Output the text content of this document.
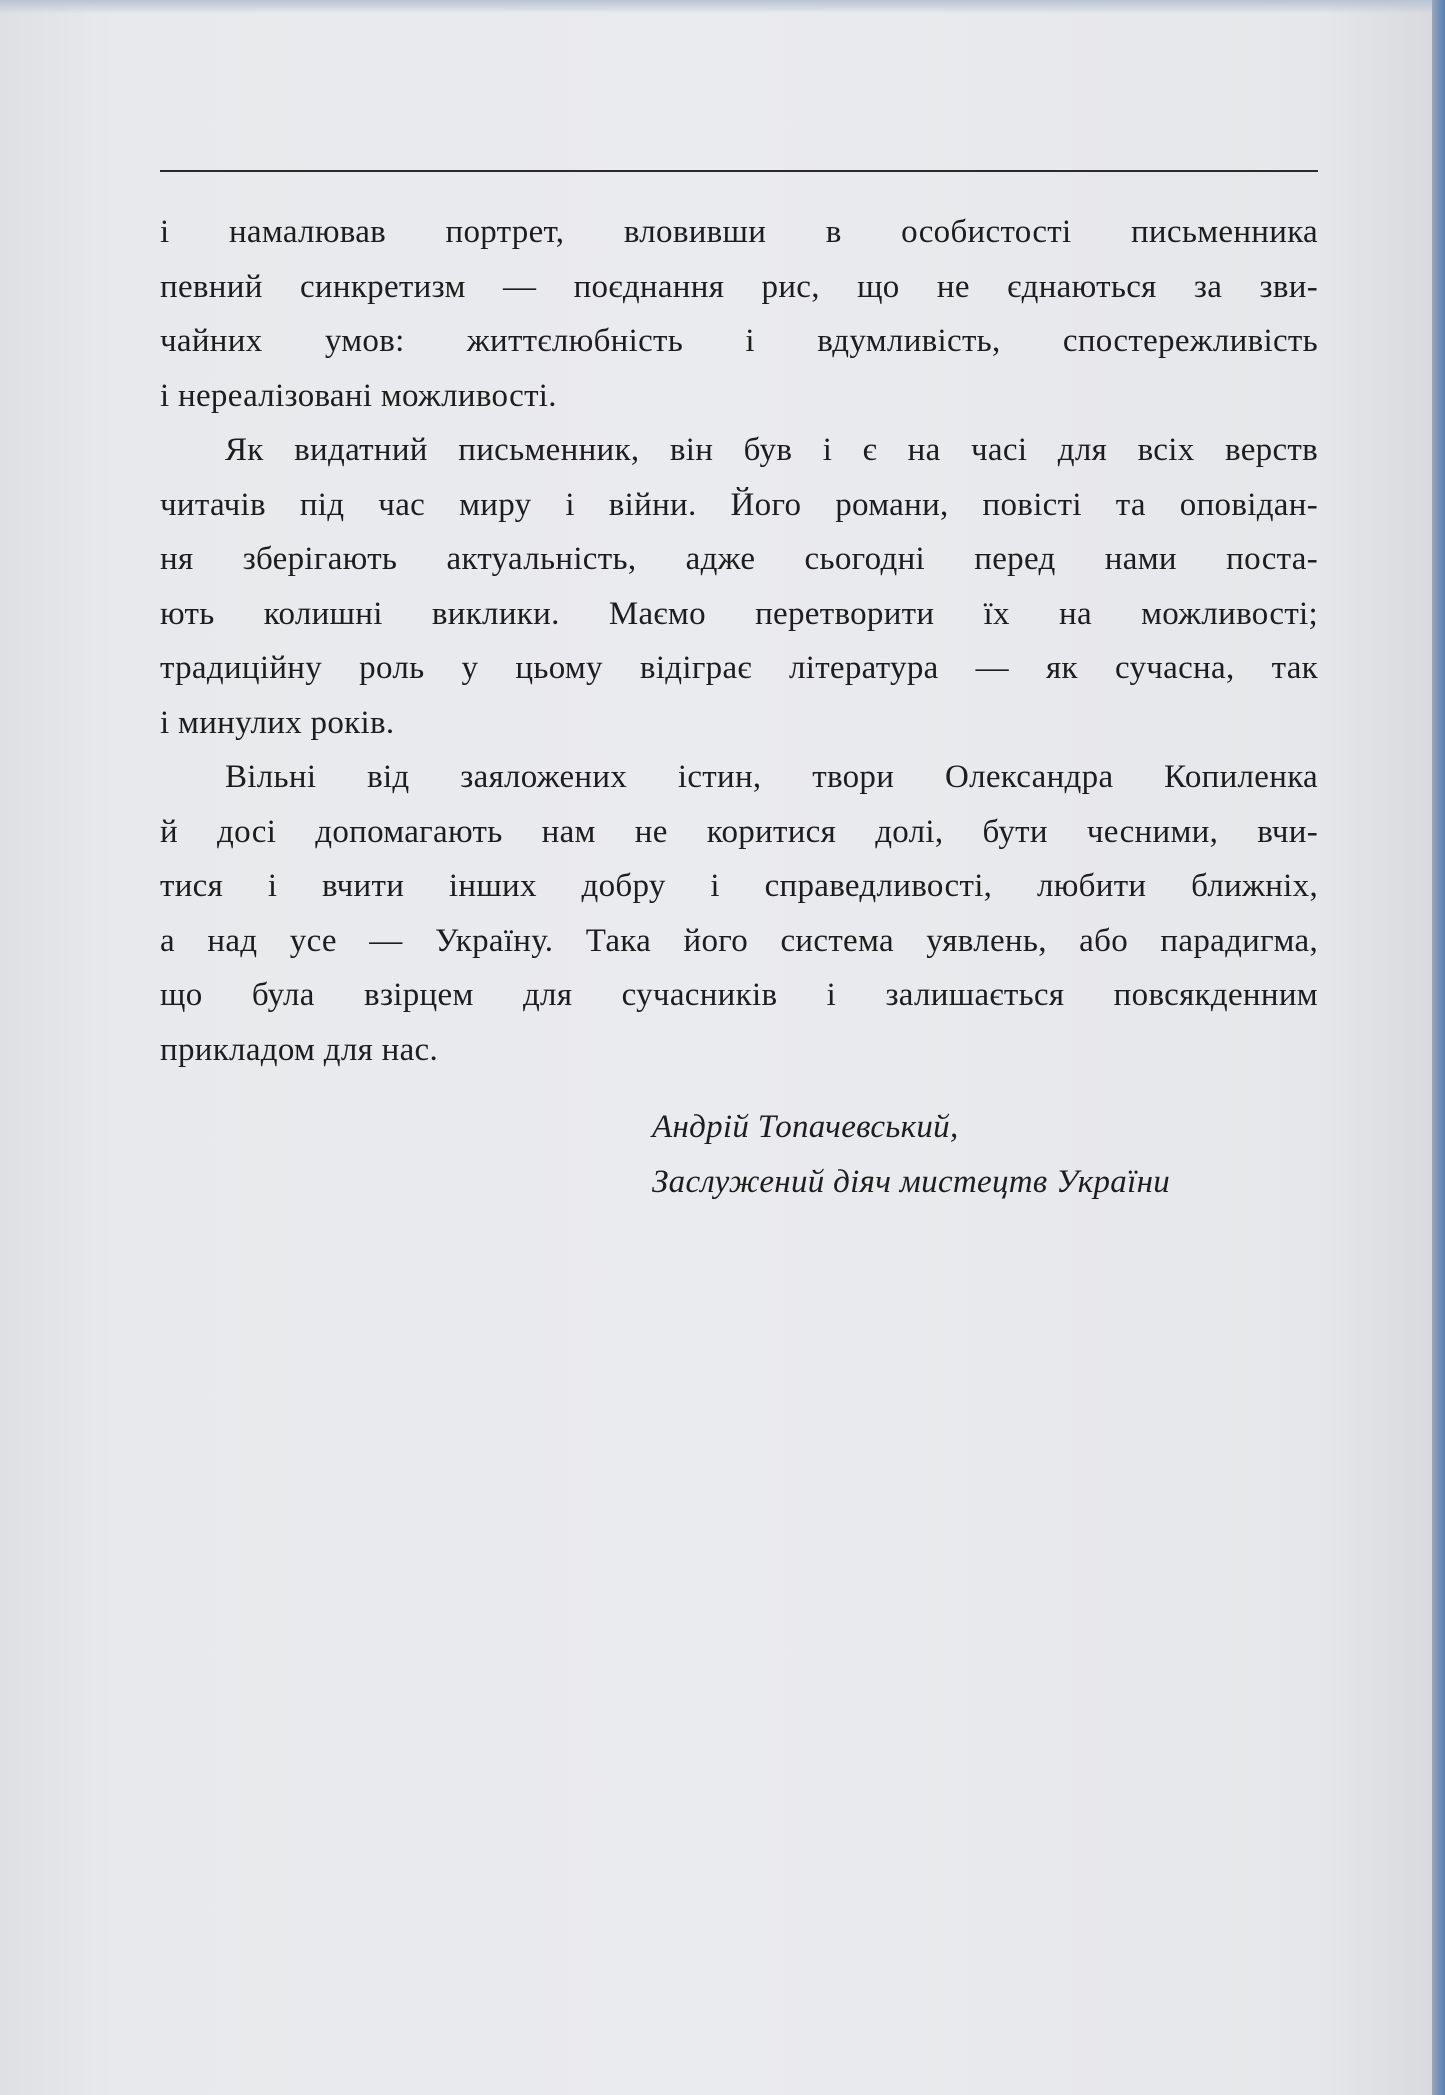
і намалював портрет, вловивши в особистості письменника
певний синкретизм — поєднання рис, що не єднаються за зви-
чайних умов: життєлюбність і вдумливість, спостережливість
і нереалізовані можливості.

Як видатний письменник, він був і є на часі для всіх верств
читачів під час миру і війни. Його романи, повісті та оповідан-
ня зберігають актуальність, адже сьогодні перед нами поста-
ють колишні виклики. Маємо перетворити їх на можливості;
традиційну роль у цьому відіграє література — як сучасна, так
і минулих років.

Вільні від заяложених істин, твори Олександра Копиленка
й досі допомагають нам не коритися долі, бути чесними, вчи-
тися і вчити інших добру і справедливості, любити ближніх,
а над усе — Україну. Така його система уявлень, або парадигма,
що була взірцем для сучасників і залишається повсякденним
прикладом для нас.

Андрій Топачевський,
Заслужений діяч мистецтв України
